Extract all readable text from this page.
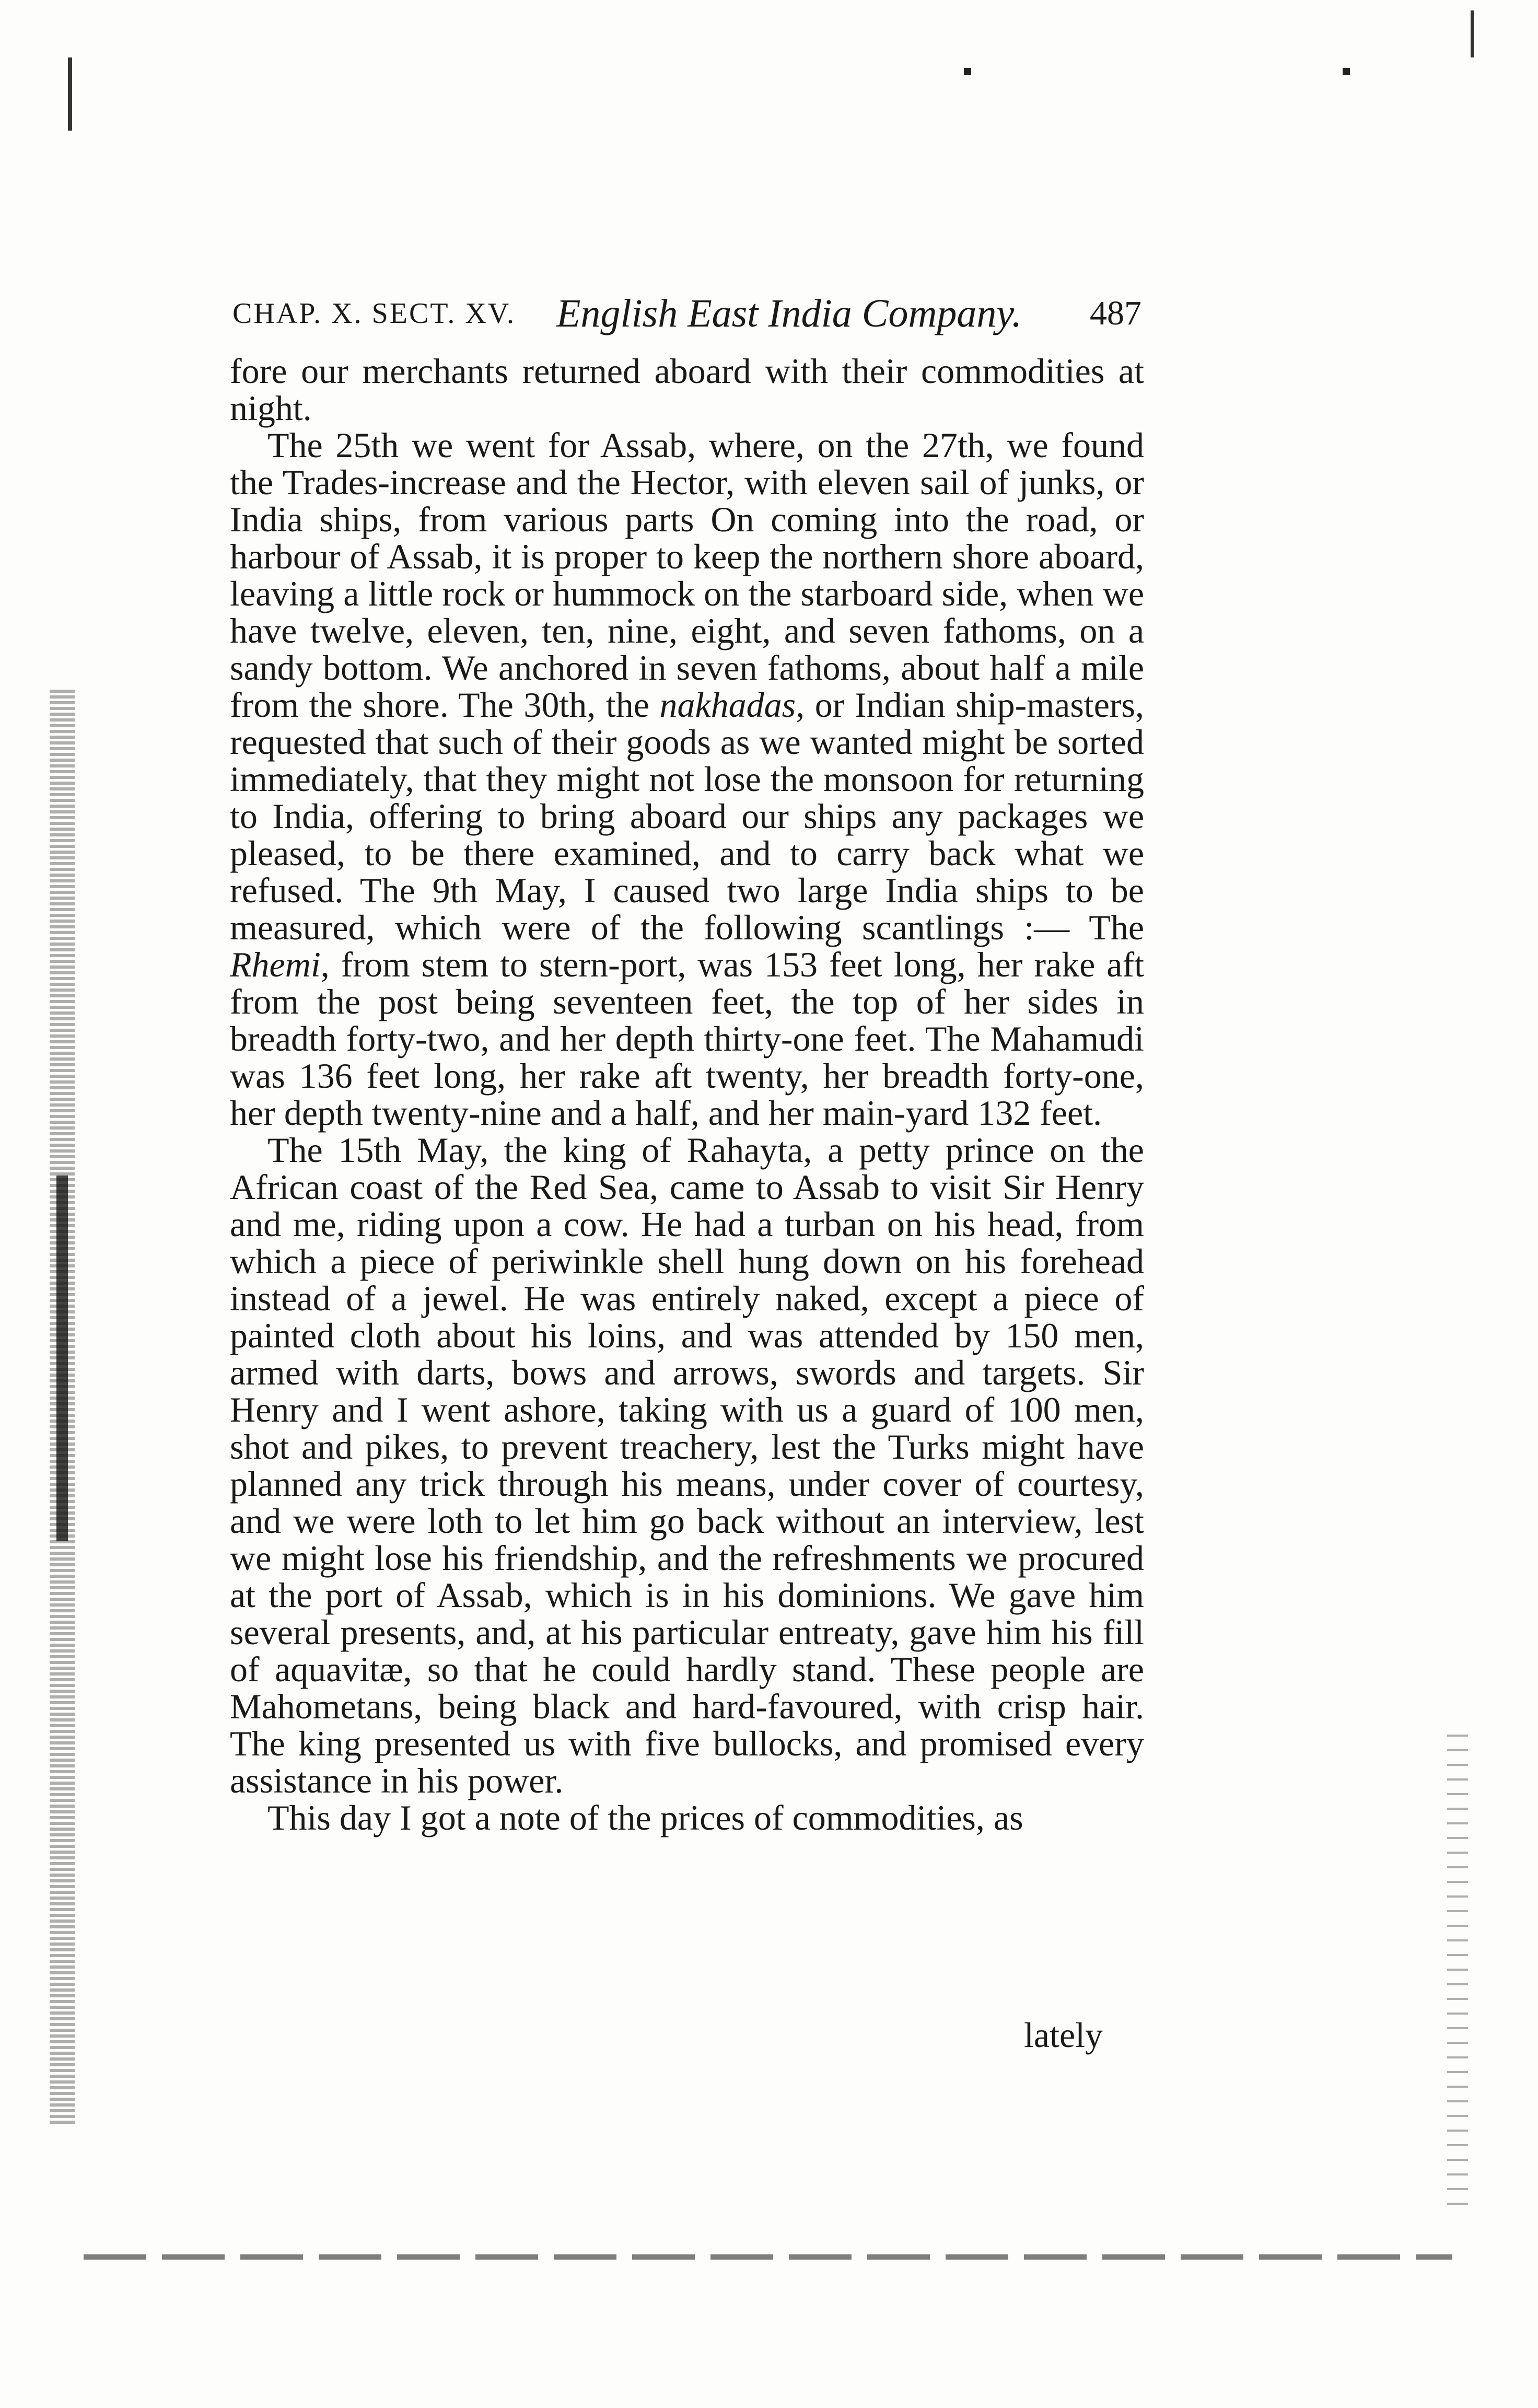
CHAP. X. SECT. XV. English East India Company. 487

fore our merchants returned aboard with their commodities at night.

The 25th we went for Assab, where, on the 27th, we found the Trades-increase and the Hector, with eleven sail of junks, or India ships, from various parts On coming into the road, or harbour of Assab, it is proper to keep the northern shore aboard, leaving a little rock or hummock on the starboard side, when we have twelve, eleven, ten, nine, eight, and seven fathoms, on a sandy bottom. We anchored in seven fathoms, about half a mile from the shore. The 30th, the nakhadas, or Indian ship-masters, requested that such of their goods as we wanted might be sorted immediately, that they might not lose the monsoon for returning to India, offering to bring aboard our ships any packages we pleased, to be there examined, and to carry back what we refused. The 9th May, I caused two large India ships to be measured, which were of the following scantlings :— The Rhemi, from stem to stern-port, was 153 feet long, her rake aft from the post being seventeen feet, the top of her sides in breadth forty-two, and her depth thirty-one feet. The Mahamudi was 136 feet long, her rake aft twenty, her breadth forty-one, her depth twenty-nine and a half, and her main-yard 132 feet.

The 15th May, the king of Rahayta, a petty prince on the African coast of the Red Sea, came to Assab to visit Sir Henry and me, riding upon a cow. He had a turban on his head, from which a piece of periwinkle shell hung down on his forehead instead of a jewel. He was entirely naked, except a piece of painted cloth about his loins, and was attended by 150 men, armed with darts, bows and arrows, swords and targets. Sir Henry and I went ashore, taking with us a guard of 100 men, shot and pikes, to prevent treachery, lest the Turks might have planned any trick through his means, under cover of courtesy, and we were loth to let him go back without an interview, lest we might lose his friendship, and the refreshments we procured at the port of Assab, which is in his dominions. We gave him several presents, and, at his particular entreaty, gave him his fill of aquavitæ, so that he could hardly stand. These people are Mahometans, being black and hard-favoured, with crisp hair. The king presented us with five bullocks, and promised every assistance in his power.

This day I got a note of the prices of commodities, as

lately
